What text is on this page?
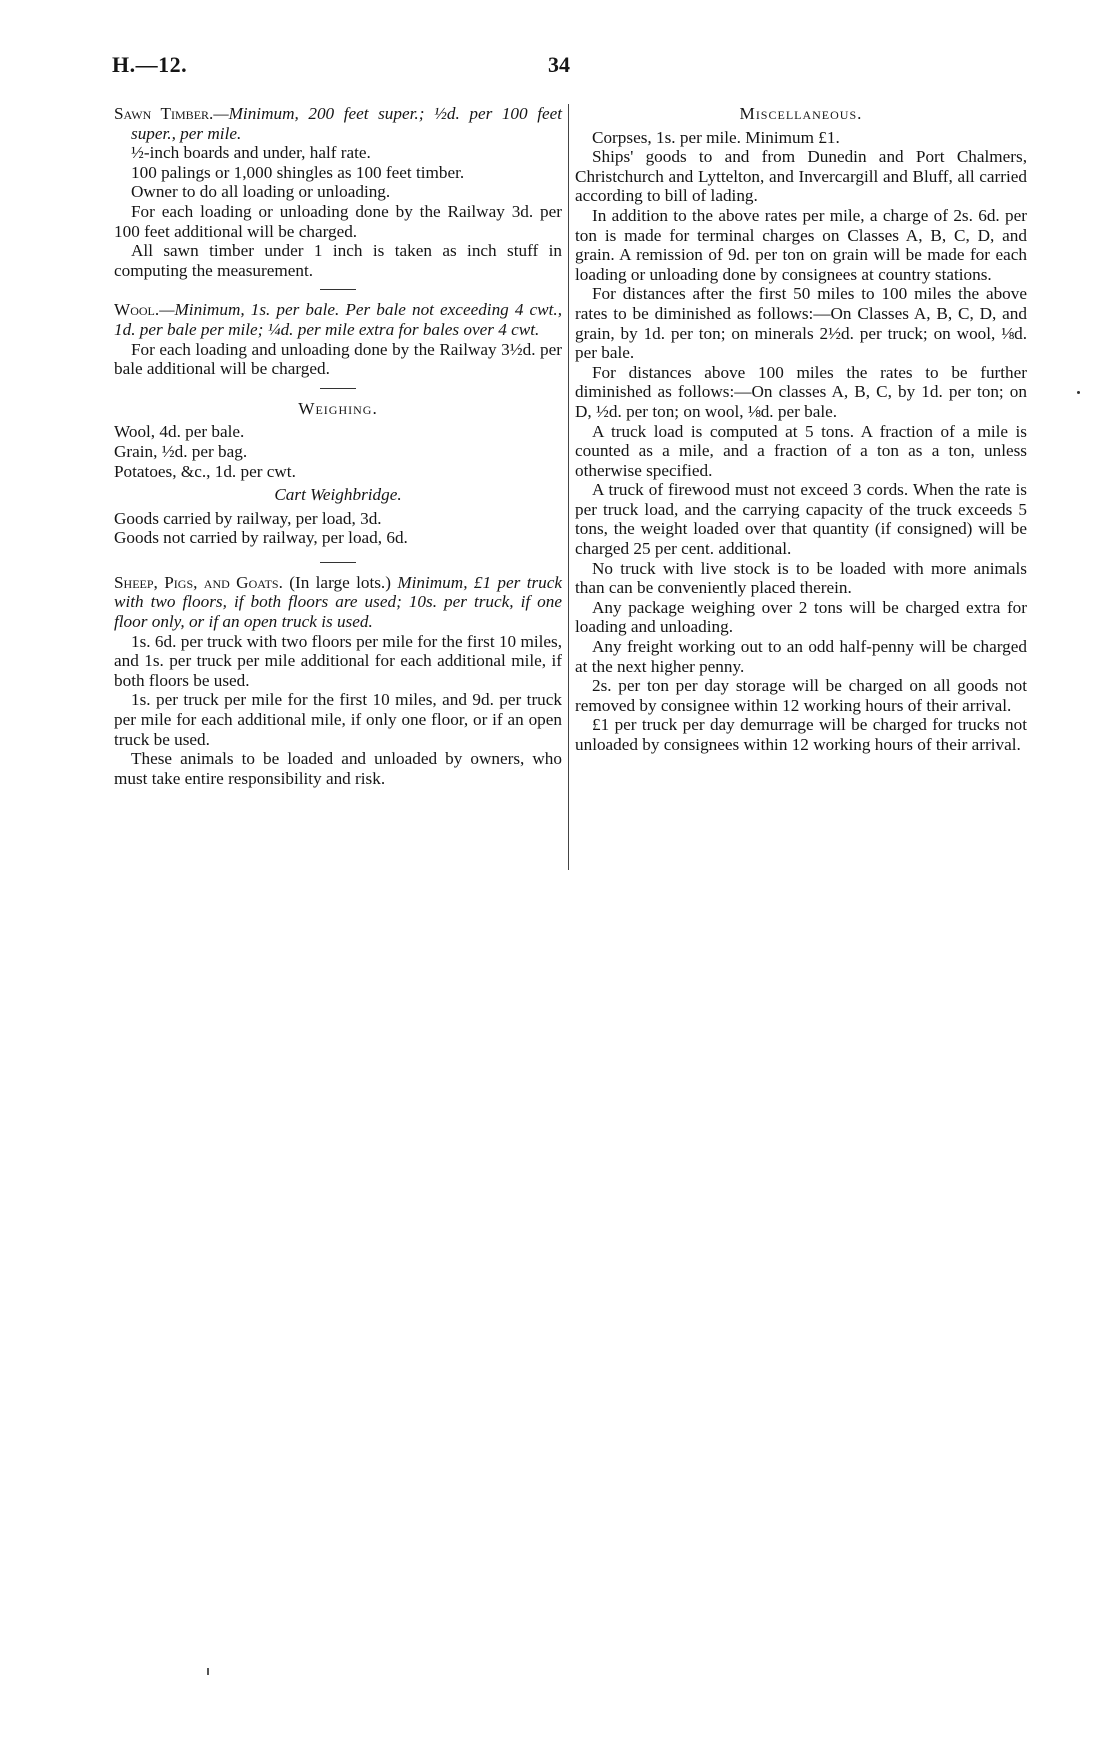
H.—12.	34

Sawn Timber.—Minimum, 200 feet super.; ½d. per 100 feet super., per mile.

½-inch boards and under, half rate.

100 palings or 1,000 shingles as 100 feet timber.

Owner to do all loading or unloading.

For each loading or unloading done by the Railway 3d. per 100 feet additional will be charged.

All sawn timber under 1 inch is taken as inch stuff in computing the measurement.

Wool.—Minimum, 1s. per bale. Per bale not exceeding 4 cwt., 1d. per bale per mile; ¼d. per mile extra for bales over 4 cwt.

For each loading and unloading done by the Railway 3½d. per bale additional will be charged.

Weighing.

Wool, 4d. per bale.

Grain, ½d. per bag.

Potatoes, &c., 1d. per cwt.

Cart Weighbridge.

Goods carried by railway, per load, 3d.

Goods not carried by railway, per load, 6d.

Sheep, Pigs, and Goats. (In large lots.) Minimum, £1 per truck with two floors, if both floors are used; 10s. per truck, if one floor only, or if an open truck is used.

1s. 6d. per truck with two floors per mile for the first 10 miles, and 1s. per truck per mile additional for each additional mile, if both floors be used.

1s. per truck per mile for the first 10 miles, and 9d. per truck per mile for each additional mile, if only one floor, or if an open truck be used.

These animals to be loaded and unloaded by owners, who must take entire responsibility and risk.

Miscellaneous.

Corpses, 1s. per mile. Minimum £1.

Ships' goods to and from Dunedin and Port Chalmers, Christchurch and Lyttelton, and Invercargill and Bluff, all carried according to bill of lading.

In addition to the above rates per mile, a charge of 2s. 6d. per ton is made for terminal charges on Classes A, B, C, D, and grain. A remission of 9d. per ton on grain will be made for each loading or unloading done by consignees at country stations.

For distances after the first 50 miles to 100 miles the above rates to be diminished as follows:—On Classes A, B, C, D, and grain, by 1d. per ton; on minerals 2½d. per truck; on wool, ⅛d. per bale.

For distances above 100 miles the rates to be further diminished as follows:—On classes A, B, C, by 1d. per ton; on D, ½d. per ton; on wool, ⅛d. per bale.

A truck load is computed at 5 tons. A fraction of a mile is counted as a mile, and a fraction of a ton as a ton, unless otherwise specified.

A truck of firewood must not exceed 3 cords. When the rate is per truck load, and the carrying capacity of the truck exceeds 5 tons, the weight loaded over that quantity (if consigned) will be charged 25 per cent. additional.

No truck with live stock is to be loaded with more animals than can be conveniently placed therein.

Any package weighing over 2 tons will be charged extra for loading and unloading.

Any freight working out to an odd half-penny will be charged at the next higher penny.

2s. per ton per day storage will be charged on all goods not removed by consignee within 12 working hours of their arrival.

£1 per truck per day demurrage will be charged for trucks not unloaded by consignees within 12 working hours of their arrival.
